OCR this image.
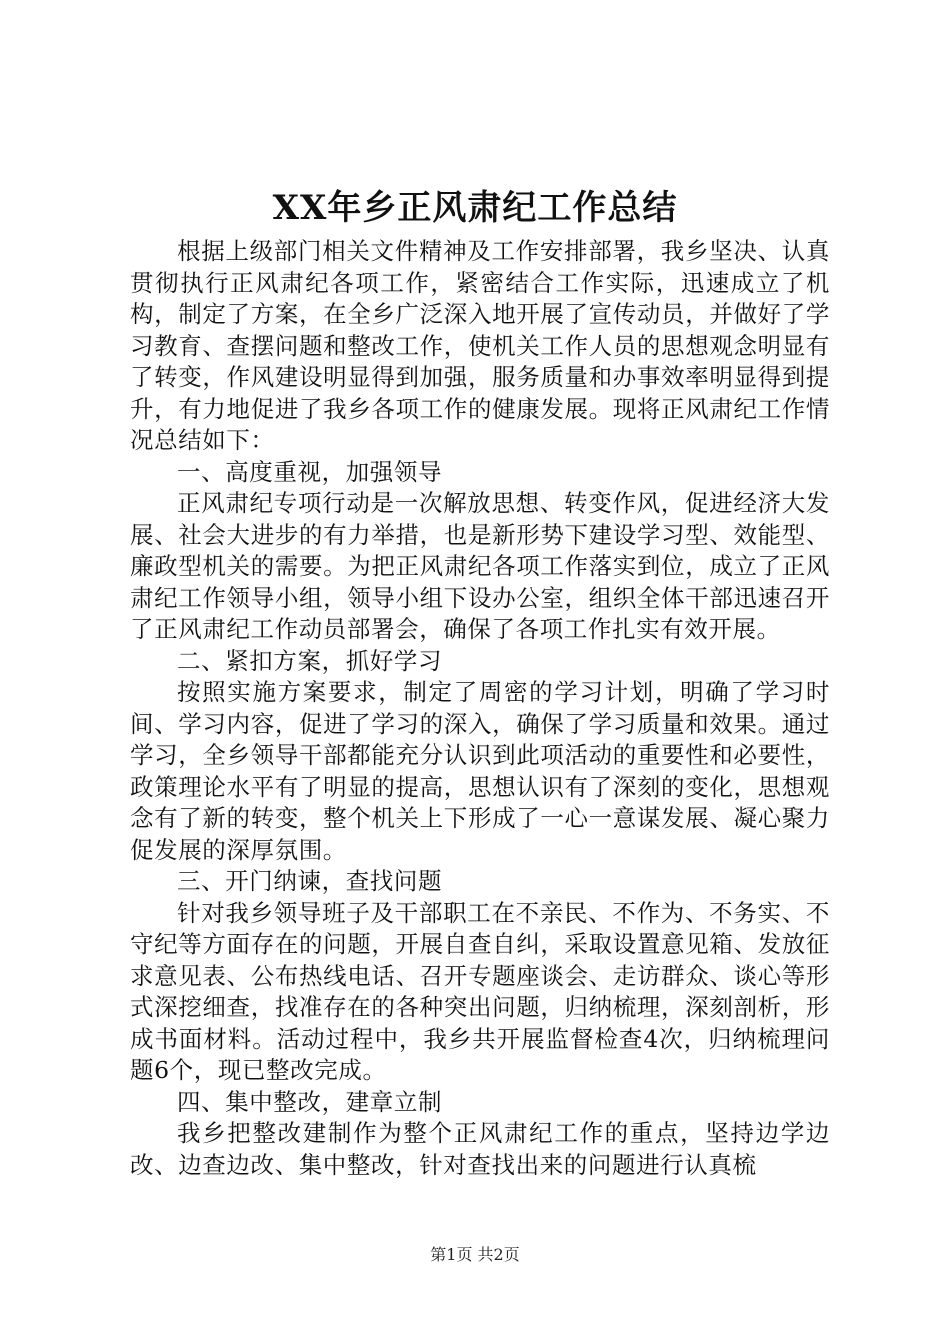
XX年乡正风肃纪工作总结

根据上级部门相关文件精神及工作安排部署，我乡坚决、认真贯彻执行正风肃纪各项工作，紧密结合工作实际，迅速成立了机构，制定了方案，在全乡广泛深入地开展了宣传动员，并做好了学习教育、查摆问题和整改工作，使机关工作人员的思想观念明显有了转变，作风建设明显得到加强，服务质量和办事效率明显得到提升，有力地促进了我乡各项工作的健康发展。现将正风肃纪工作情况总结如下：

一、高度重视，加强领导

正风肃纪专项行动是一次解放思想、转变作风，促进经济大发展、社会大进步的有力举措，也是新形势下建设学习型、效能型、廉政型机关的需要。为把正风肃纪各项工作落实到位，成立了正风肃纪工作领导小组，领导小组下设办公室，组织全体干部迅速召开了正风肃纪工作动员部署会，确保了各项工作扎实有效开展。

二、紧扣方案，抓好学习

按照实施方案要求，制定了周密的学习计划，明确了学习时间、学习内容，促进了学习的深入，确保了学习质量和效果。通过学习，全乡领导干部都能充分认识到此项活动的重要性和必要性，政策理论水平有了明显的提高，思想认识有了深刻的变化，思想观念有了新的转变，整个机关上下形成了一心一意谋发展、凝心聚力促发展的深厚氛围。

三、开门纳谏，查找问题

针对我乡领导班子及干部职工在不亲民、不作为、不务实、不守纪等方面存在的问题，开展自查自纠，采取设置意见箱、发放征求意见表、公布热线电话、召开专题座谈会、走访群众、谈心等形式深挖细查，找准存在的各种突出问题，归纳梳理，深刻剖析，形成书面材料。活动过程中，我乡共开展监督检查4次，归纳梳理问题6个，现已整改完成。

四、集中整改，建章立制

我乡把整改建制作为整个正风肃纪工作的重点，坚持边学边改、边查边改、集中整改，针对查找出来的问题进行认真梳

第1页 共2页
